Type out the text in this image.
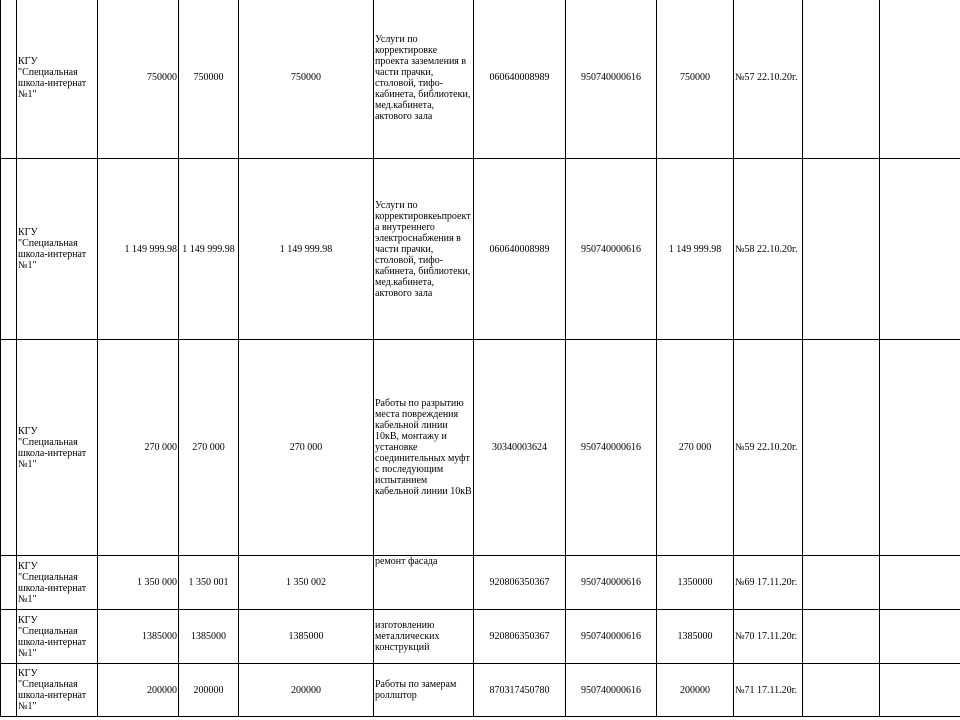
	КГУ "Специальная школа-интернат №1"	750000	750000	750000	Услуги по корректировке проекта заземления в части прачки, столовой, тифо-кабинета, библиотеки, мед.кабинета, актового зала	060640008989	950740000616	750000	№57 22.10.20г.		
	КГУ "Специальная школа-интернат №1"	1 149 999.98	1 149 999.98	1 149 999.98	Услуги по корректировкеьпроекта внутреннего электроснабжения в части прачки, столовой, тифо-кабинета, библиотеки, мед.кабинета, актового зала	060640008989	950740000616	1 149 999.98	№58 22.10.20г.		
	КГУ "Специальная школа-интернат №1"	270 000	270 000	270 000	Работы по разрытию места повреждения кабельной линии 10кВ, монтажу и установке соединительных муфт с последующим испытанием кабельной линии 10кВ	30340003624	950740000616	270 000	№59 22.10.20г.		
	КГУ "Специальная школа-интернат №1"	1 350 000	1 350 001	1 350 002	ремонт фасада	920806350367	950740000616	1350000	№69 17.11.20г.		
	КГУ "Специальная школа-интернат №1"	1385000	1385000	1385000	изготовлению металлических конструкций	920806350367	950740000616	1385000	№70 17.11.20г.		
	КГУ "Специальная школа-интернат №1"	200000	200000	200000	Работы по замерам роллштор	870317450780	950740000616	200000	№71 17.11.20г.		
